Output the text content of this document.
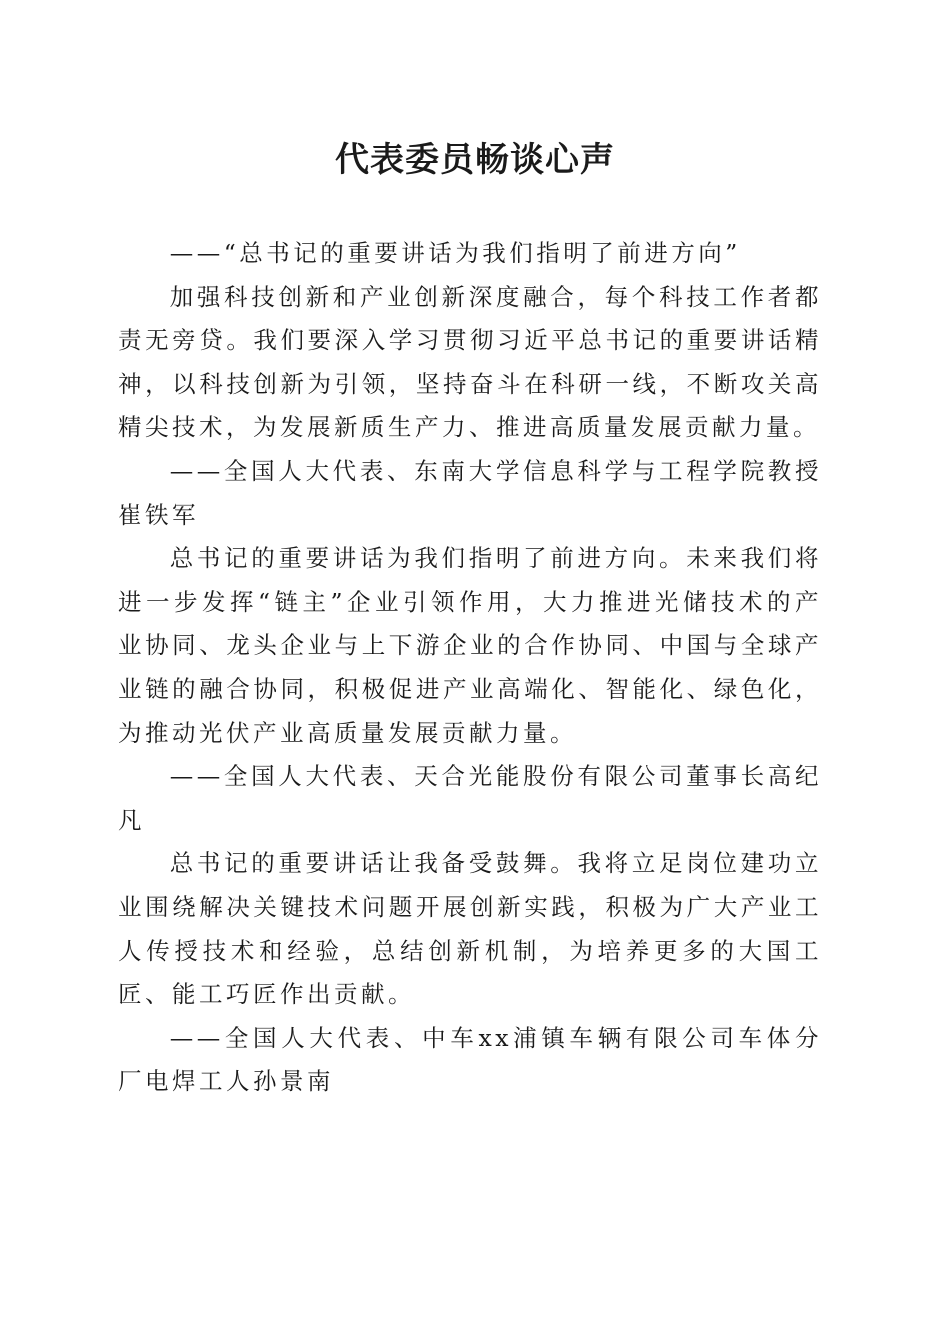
代表委员畅谈心声

——“总书记的重要讲话为我们指明了前进方向”

加强科技创新和产业创新深度融合，每个科技工作者都责无旁贷。我们要深入学习贯彻习近平总书记的重要讲话精神，以科技创新为引领，坚持奋斗在科研一线，不断攻关高精尖技术，为发展新质生产力、推进高质量发展贡献力量。

——全国人大代表、东南大学信息科学与工程学院教授崔铁军

总书记的重要讲话为我们指明了前进方向。未来我们将进一步发挥“链主”企业引领作用，大力推进光储技术的产业协同、龙头企业与上下游企业的合作协同、中国与全球产业链的融合协同，积极促进产业高端化、智能化、绿色化，为推动光伏产业高质量发展贡献力量。

——全国人大代表、天合光能股份有限公司董事长高纪凡

总书记的重要讲话让我备受鼓舞。我将立足岗位建功立业围绕解决关键技术问题开展创新实践，积极为广大产业工人传授技术和经验，总结创新机制，为培养更多的大国工匠、能工巧匠作出贡献。

——全国人大代表、中车xx浦镇车辆有限公司车体分厂电焊工人孙景南
